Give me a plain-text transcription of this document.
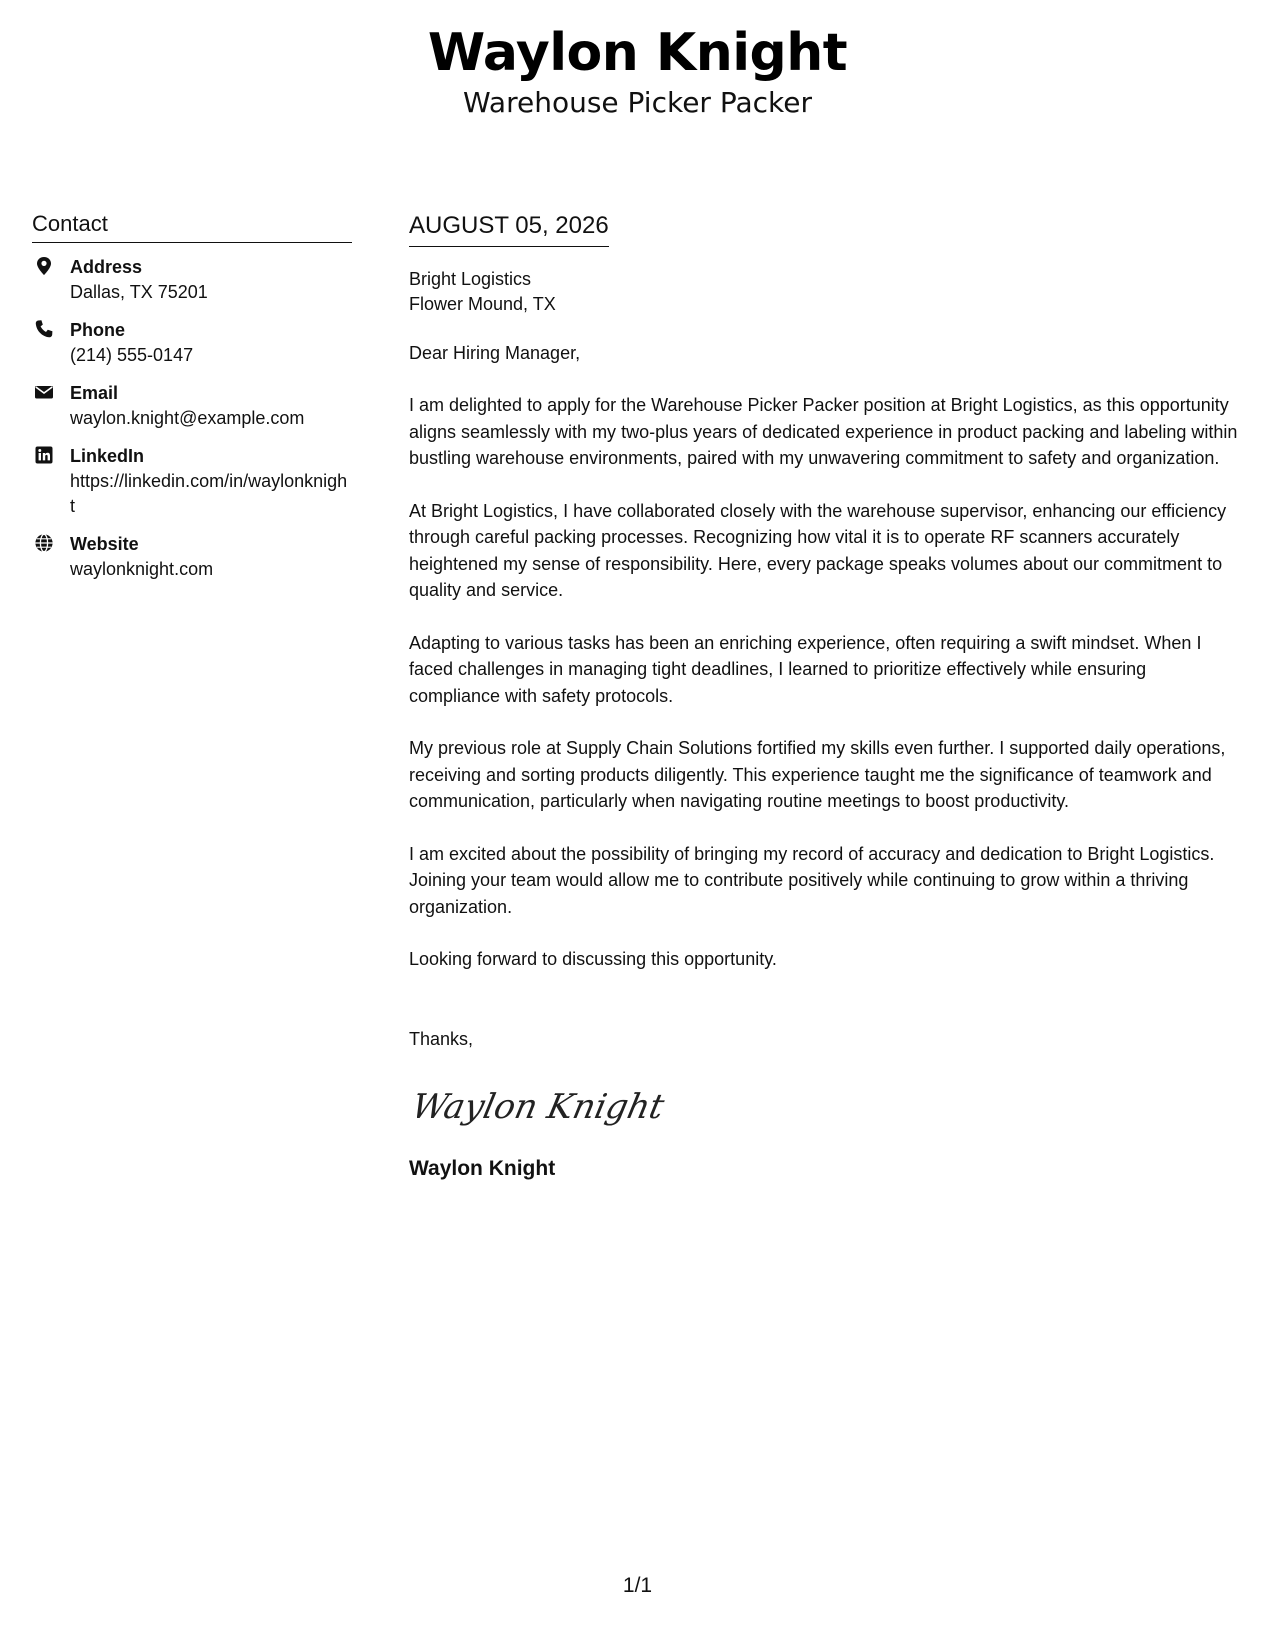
Waylon Knight
Warehouse Picker Packer
Contact
Address
Dallas, TX 75201
Phone
(214) 555-0147
Email
waylon.knight@example.com
LinkedIn
https://linkedin.com/in/waylonknight
Website
waylonknight.com
AUGUST 05, 2026
Bright Logistics
Flower Mound, TX
Dear Hiring Manager,

I am delighted to apply for the Warehouse Picker Packer position at Bright Logistics, as this opportunity aligns seamlessly with my two-plus years of dedicated experience in product packing and labeling within bustling warehouse environments, paired with my unwavering commitment to safety and organization.

At Bright Logistics, I have collaborated closely with the warehouse supervisor, enhancing our efficiency through careful packing processes. Recognizing how vital it is to operate RF scanners accurately heightened my sense of responsibility. Here, every package speaks volumes about our commitment to quality and service.

Adapting to various tasks has been an enriching experience, often requiring a swift mindset. When I faced challenges in managing tight deadlines, I learned to prioritize effectively while ensuring compliance with safety protocols.

My previous role at Supply Chain Solutions fortified my skills even further. I supported daily operations, receiving and sorting products diligently. This experience taught me the significance of teamwork and communication, particularly when navigating routine meetings to boost productivity.

I am excited about the possibility of bringing my record of accuracy and dedication to Bright Logistics. Joining your team would allow me to contribute positively while continuing to grow within a thriving organization.

Looking forward to discussing this opportunity.

Thanks,
Waylon Knight
Waylon Knight
1/1
